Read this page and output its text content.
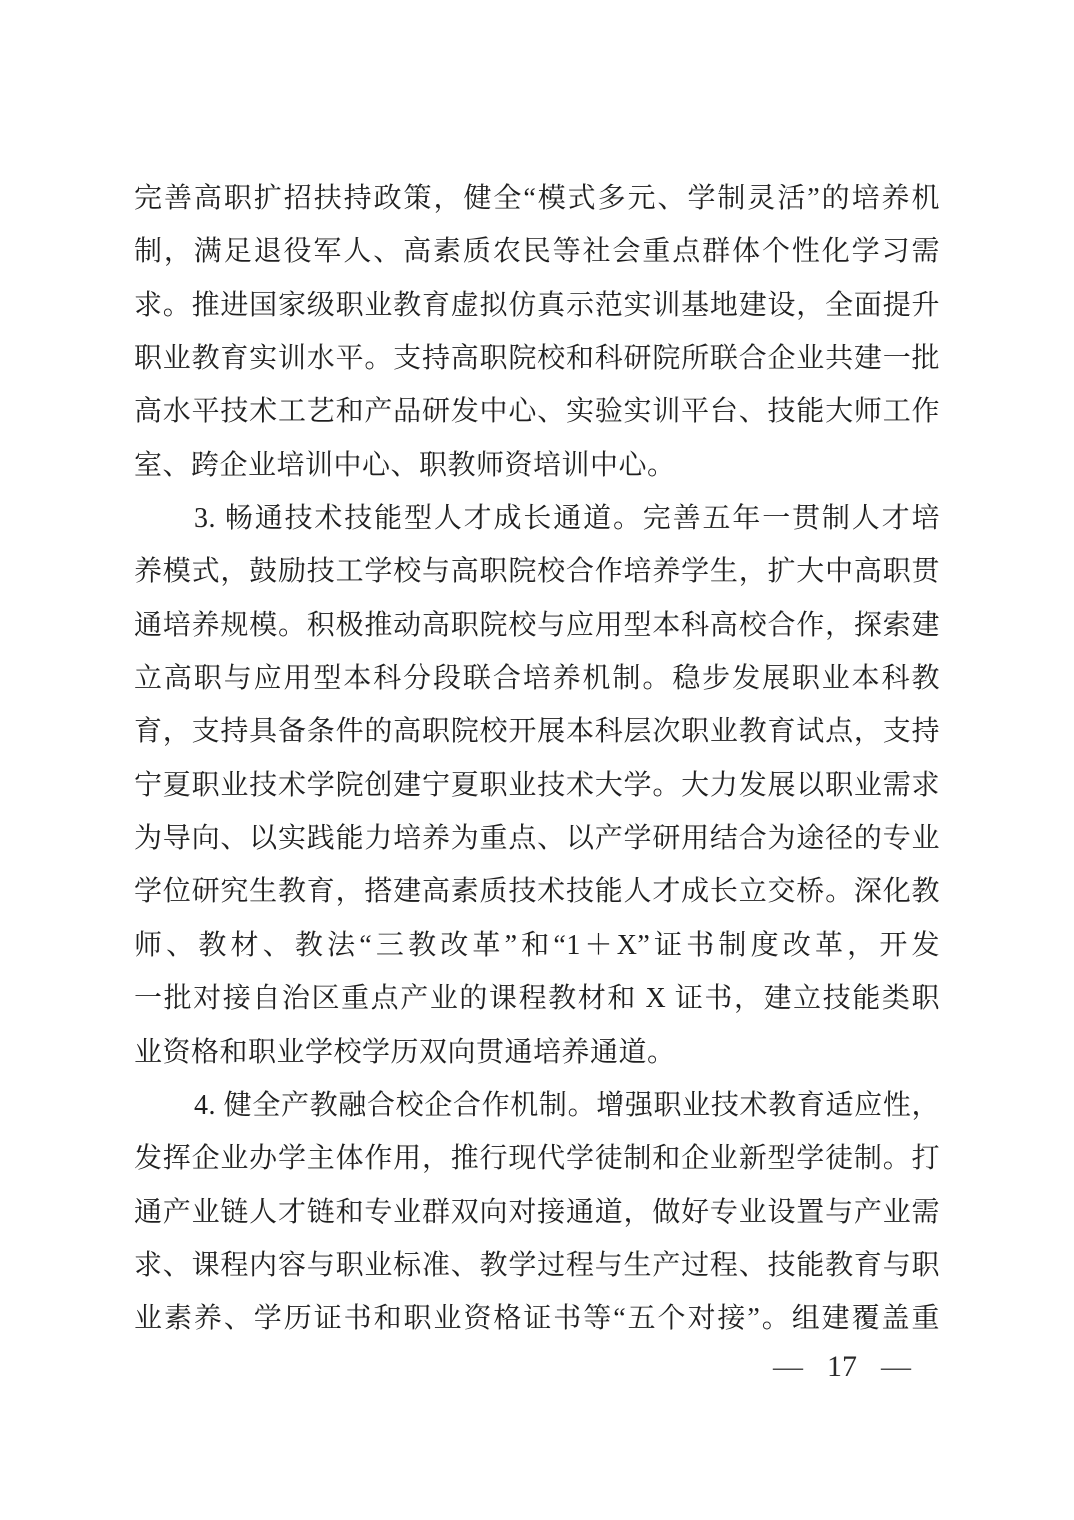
完善高职扩招扶持政策，健全“模式多元、学制灵活”的培养机
制，满足退役军人、高素质农民等社会重点群体个性化学习需
求。推进国家级职业教育虚拟仿真示范实训基地建设，全面提升
职业教育实训水平。支持高职院校和科研院所联合企业共建一批
高水平技术工艺和产品研发中心、实验实训平台、技能大师工作
室、跨企业培训中心、职教师资培训中心。
3. 畅通技术技能型人才成长通道。完善五年一贯制人才培
养模式，鼓励技工学校与高职院校合作培养学生，扩大中高职贯
通培养规模。积极推动高职院校与应用型本科高校合作，探索建
立高职与应用型本科分段联合培养机制。稳步发展职业本科教
育，支持具备条件的高职院校开展本科层次职业教育试点，支持
宁夏职业技术学院创建宁夏职业技术大学。大力发展以职业需求
为导向、以实践能力培养为重点、以产学研用结合为途径的专业
学位研究生教育，搭建高素质技术技能人才成长立交桥。深化教
师、教材、教法“三教改革”和“1＋X”证书制度改革，开发
一批对接自治区重点产业的课程教材和 X 证书，建立技能类职
业资格和职业学校学历双向贯通培养通道。
4. 健全产教融合校企合作机制。增强职业技术教育适应性，
发挥企业办学主体作用，推行现代学徒制和企业新型学徒制。打
通产业链人才链和专业群双向对接通道，做好专业设置与产业需
求、课程内容与职业标准、教学过程与生产过程、技能教育与职
业素养、学历证书和职业资格证书等“五个对接”。组建覆盖重
— 17 —
